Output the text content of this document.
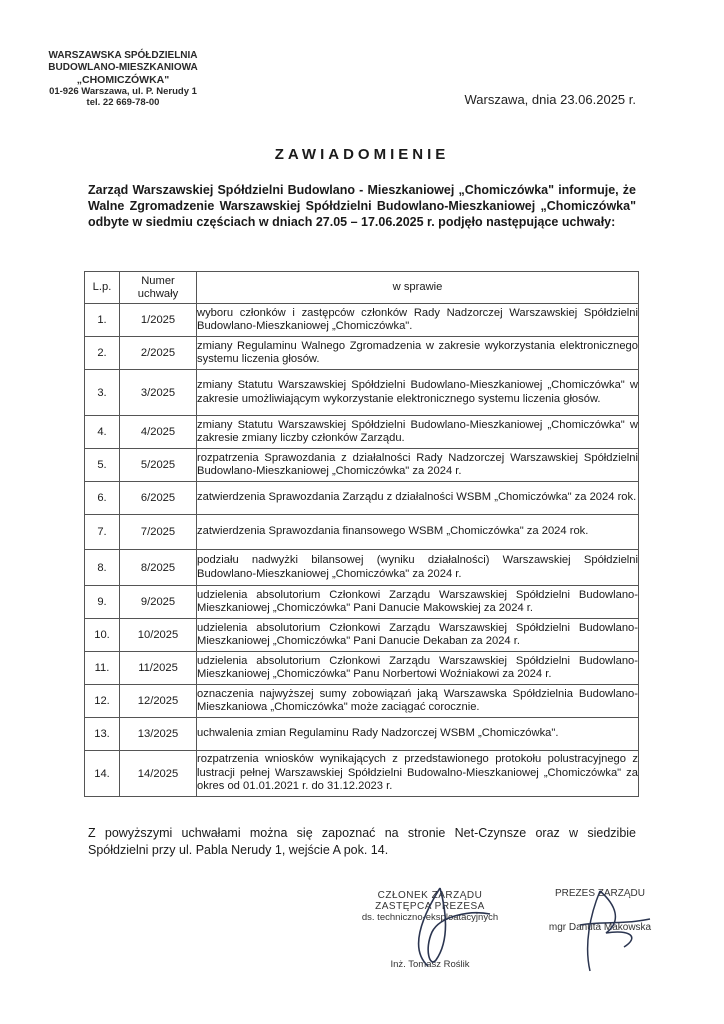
WARSZAWSKA SPÓŁDZIELNIA
BUDOWLANO-MIESZKANIOWA
„CHOMICZÓWKA"
01-926 Warszawa, ul. P. Nerudy 1
tel. 22 669-78-00	Warszawa, dnia 23.06.2025 r.
ZAWIADOMIENIE
Zarząd Warszawskiej Spółdzielni Budowlano - Mieszkaniowej „Chomiczówka" informuje, że Walne Zgromadzenie Warszawskiej Spółdzielni Budowlano-Mieszkaniowej „Chomiczówka" odbyte w siedmiu częściach w dniach 27.05 – 17.06.2025 r. podjęło następujące uchwały:
L.p.	Numer uchwały	w sprawie
1.	1/2025	wyboru członków i zastępców członków Rady Nadzorczej Warszawskiej Spółdzielni Budowlano-Mieszkaniowej „Chomiczówka".
2.	2/2025	zmiany Regulaminu Walnego Zgromadzenia w zakresie wykorzystania elektronicznego systemu liczenia głosów.
3.	3/2025	zmiany Statutu Warszawskiej Spółdzielni Budowlano-Mieszkaniowej „Chomiczówka" w zakresie umożliwiającym wykorzystanie elektronicznego systemu liczenia głosów.
4.	4/2025	zmiany Statutu Warszawskiej Spółdzielni Budowlano-Mieszkaniowej „Chomiczówka" w zakresie zmiany liczby członków Zarządu.
5.	5/2025	rozpatrzenia Sprawozdania z działalności Rady Nadzorczej Warszawskiej Spółdzielni Budowlano-Mieszkaniowej „Chomiczówka" za 2024 r.
6.	6/2025	zatwierdzenia Sprawozdania Zarządu z działalności WSBM „Chomiczówka" za 2024 rok.
7.	7/2025	zatwierdzenia Sprawozdania finansowego WSBM „Chomiczówka" za 2024 rok.
8.	8/2025	podziału nadwyżki bilansowej (wyniku działalności) Warszawskiej Spółdzielni Budowlano-Mieszkaniowej „Chomiczówka" za 2024 r.
9.	9/2025	udzielenia absolutorium Członkowi Zarządu Warszawskiej Spółdzielni Budowlano-Mieszkaniowej „Chomiczówka" Pani Danucie Makowskiej za 2024 r.
10.	10/2025	udzielenia absolutorium Członkowi Zarządu Warszawskiej Spółdzielni Budowlano-Mieszkaniowej „Chomiczówka" Pani Danucie Dekaban za 2024 r.
11.	11/2025	udzielenia absolutorium Członkowi Zarządu Warszawskiej Spółdzielni Budowlano-Mieszkaniowej „Chomiczówka" Panu Norbertowi Woźniakowi za 2024 r.
12.	12/2025	oznaczenia najwyższej sumy zobowiązań jaką Warszawska Spółdzielnia Budowlano-Mieszkaniowa „Chomiczówka" może zaciągać corocznie.
13.	13/2025	uchwalenia zmian Regulaminu Rady Nadzorczej WSBM „Chomiczówka".
14.	14/2025	rozpatrzenia wniosków wynikających z przedstawionego protokołu polustracyjnego z lustracji pełnej Warszawskiej Spółdzielni Budowalno-Mieszkaniowej „Chomiczówka" za okres od 01.01.2021 r. do 31.12.2023 r.
Z powyższymi uchwałami można się zapoznać na stronie Net-Czynsze oraz w siedzibie Spółdzielni przy ul. Pabla Nerudy 1, wejście A pok. 14.
CZŁONEK ZARZĄDU
ZASTĘPCA PREZESA
ds. techniczno-eksploatacyjnych
Inż. Tomasz Roślik
PREZES ZARZĄDU
mgr Danuta Makowska
